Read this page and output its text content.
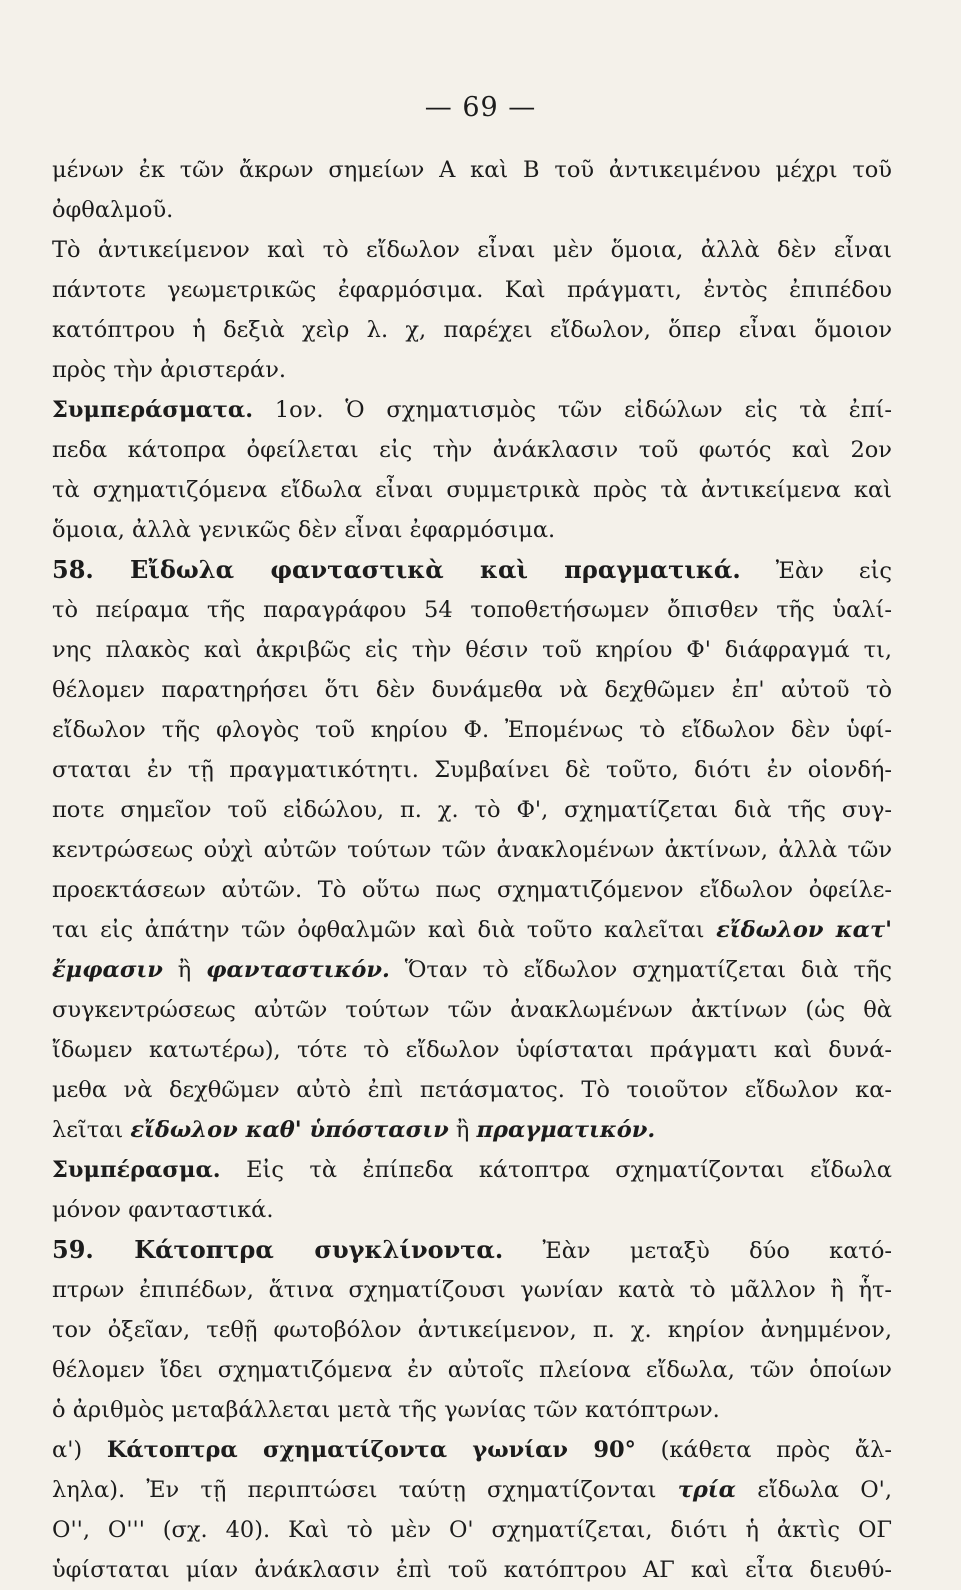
— 69 —
μένων ἐκ τῶν ἄκρων σημείων Α καὶ Β τοῦ ἀντικειμένου μέχρι τοῦ
ὀφθαλμοῦ.
Τὸ ἀντικείμενον καὶ τὸ εἴδωλον εἶναι μὲν ὅμοια, ἀλλὰ δὲν εἶναι
πάντοτε γεωμετρικῶς ἐφαρμόσιμα. Καὶ πράγματι, ἐντὸς ἐπιπέδου
κατόπτρου ἡ δεξιὰ χεὶρ λ. χ, παρέχει εἴδωλον, ὅπερ εἶναι ὅμοιον
πρὸς τὴν ἀριστεράν.
Συμπεράσματα. 1ον. Ὁ σχηματισμὸς τῶν εἰδώλων εἰς τὰ ἐπί-
πεδα κάτοπρα ὀφείλεται εἰς τὴν ἀνάκλασιν τοῦ φωτός καὶ 2ον
τὰ σχηματιζόμενα εἴδωλα εἶναι συμμετρικὰ πρὸς τὰ ἀντικείμενα καὶ
ὅμοια, ἀλλὰ γενικῶς δὲν εἶναι ἐφαρμόσιμα.
58. Εἴδωλα φανταστικὰ καὶ πραγματικά. Ἐὰν εἰς
τὸ πείραμα τῆς παραγράφου 54 τοποθετήσωμεν ὄπισθεν τῆς ὑαλί-
νης πλακὸς καὶ ἀκριβῶς εἰς τὴν θέσιν τοῦ κηρίου Φ' διάφραγμά τι,
θέλομεν παρατηρήσει ὅτι δὲν δυνάμεθα νὰ δεχθῶμεν ἐπ' αὐτοῦ τὸ
εἴδωλον τῆς φλογὸς τοῦ κηρίου Φ. Ἐπομένως τὸ εἴδωλον δὲν ὑφί-
σταται ἐν τῇ πραγματικότητι. Συμβαίνει δὲ τοῦτο, διότι ἐν οἱονδή-
ποτε σημεῖον τοῦ εἰδώλου, π. χ. τὸ Φ', σχηματίζεται διὰ τῆς συγ-
κεντρώσεως οὐχὶ αὐτῶν τούτων τῶν ἀνακλομένων ἀκτίνων, ἀλλὰ τῶν
προεκτάσεων αὐτῶν. Τὸ οὕτω πως σχηματιζόμενον εἴδωλον ὀφείλε-
ται εἰς ἀπάτην τῶν ὀφθαλμῶν καὶ διὰ τοῦτο καλεῖται εἴδωλον κατ'
ἔμφασιν ἢ φανταστικόν. Ὅταν τὸ εἴδωλον σχηματίζεται διὰ τῆς
συγκεντρώσεως αὐτῶν τούτων τῶν ἀνακλωμένων ἀκτίνων (ὡς θὰ
ἴδωμεν κατωτέρω), τότε τὸ εἴδωλον ὑφίσταται πράγματι καὶ δυνά-
μεθα νὰ δεχθῶμεν αὐτὸ ἐπὶ πετάσματος. Τὸ τοιοῦτον εἴδωλον κα-
λεῖται εἴδωλον καθ' ὑπόστασιν ἢ πραγματικόν.
Συμπέρασμα. Εἰς τὰ ἐπίπεδα κάτοπτρα σχηματίζονται εἴδωλα
μόνον φανταστικά.
59. Κάτοπτρα συγκλίνοντα. Ἐὰν μεταξὺ δύο κατό-
πτρων ἐπιπέδων, ἅτινα σχηματίζουσι γωνίαν κατὰ τὸ μᾶλλον ἢ ἧτ-
τον ὀξεῖαν, τεθῇ φωτοβόλον ἀντικείμενον, π. χ. κηρίον ἀνημμένον,
θέλομεν ἴδει σχηματιζόμενα ἐν αὐτοῖς πλείονα εἴδωλα, τῶν ὁποίων
ὁ ἀριθμὸς μεταβάλλεται μετὰ τῆς γωνίας τῶν κατόπτρων.
α') Κάτοπτρα σχηματίζοντα γωνίαν 90° (κάθετα πρὸς ἄλ-
ληλα). Ἐν τῇ περιπτώσει ταύτῃ σχηματίζονται τρία εἴδωλα Ο',
Ο'', Ο''' (σχ. 40). Καὶ τὸ μὲν Ο' σχηματίζεται, διότι ἡ ἀκτὶς ΟΓ
ὑφίσταται μίαν ἀνάκλασιν ἐπὶ τοῦ κατόπτρου ΑΓ καὶ εἶτα διευθύ-
